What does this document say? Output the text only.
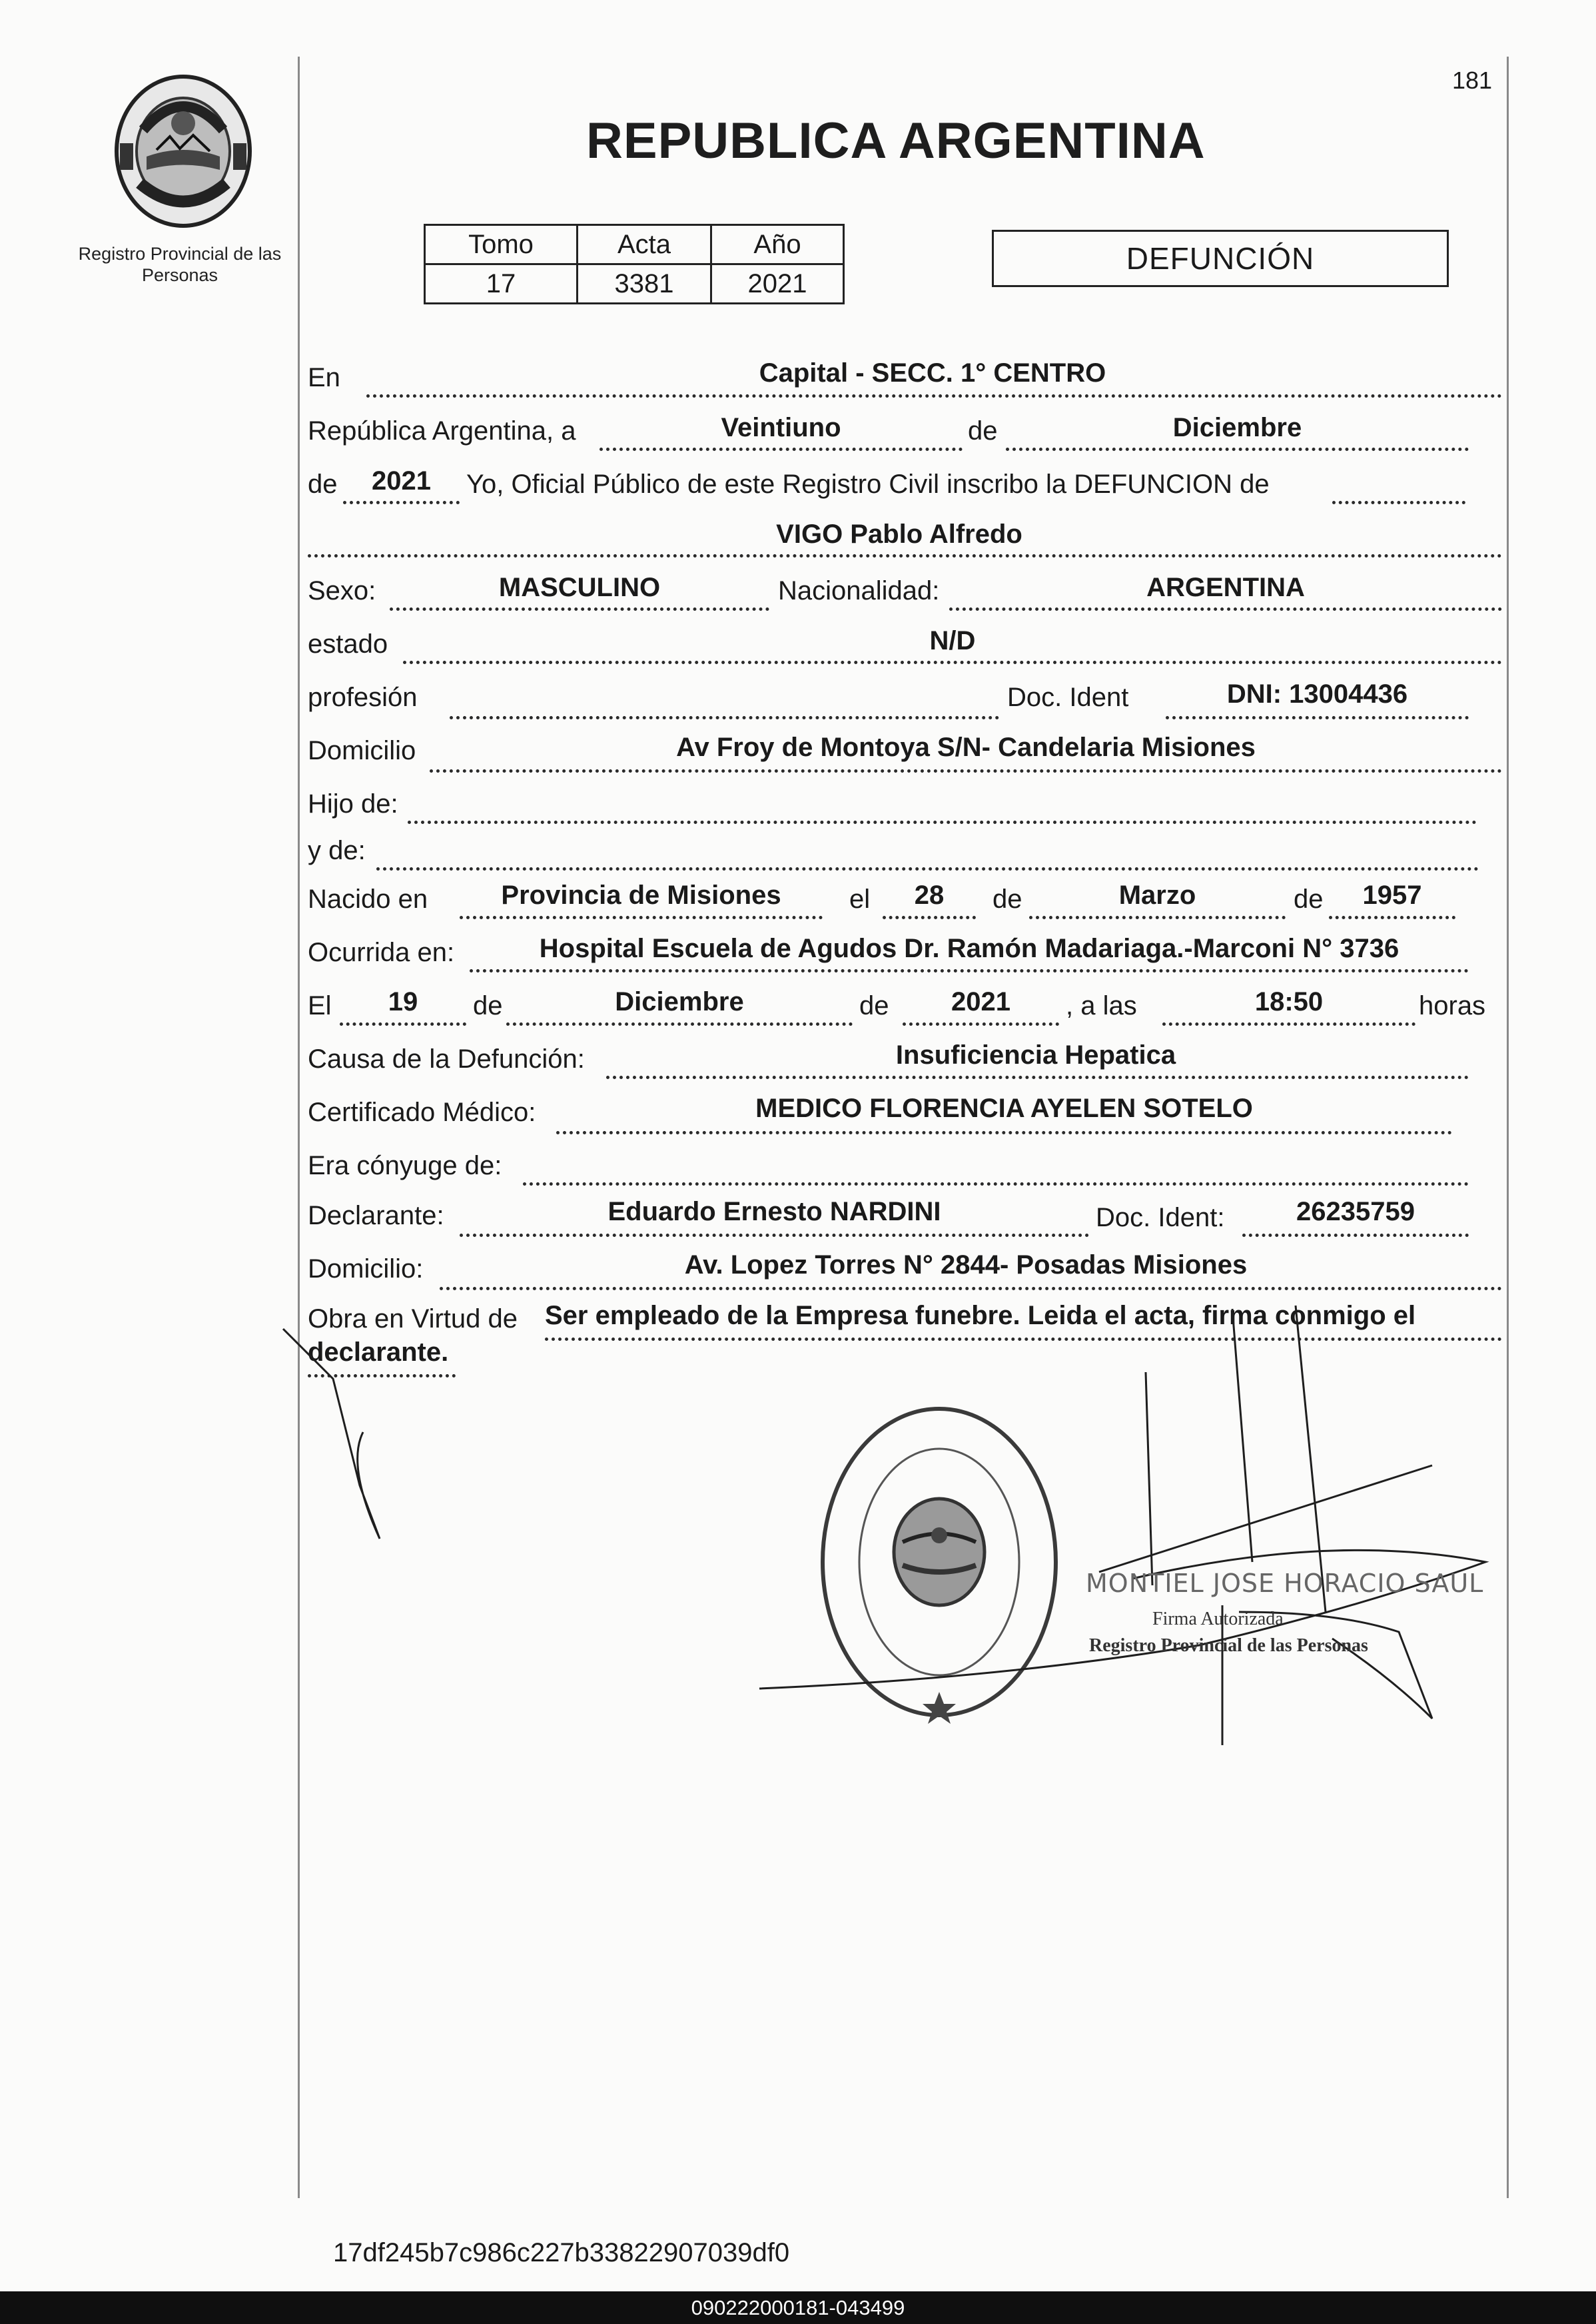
Registro Provincial de las Personas
181
REPUBLICA ARGENTINA
Tomo	Acta	Año
17	3381	2021
DEFUNCIÓN
En	Capital - SECC. 1° CENTRO
República Argentina, a	Veintiuno	de	Diciembre
de	2021	Yo, Oficial Público de este Registro Civil inscribo la DEFUNCION de
VIGO Pablo Alfredo
Sexo:	MASCULINO	Nacionalidad:	ARGENTINA
estado	N/D
profesión	Doc. Ident	DNI: 13004436
Domicilio	Av Froy de Montoya S/N- Candelaria Misiones
Hijo de:
y de:
Nacido en	Provincia de Misiones	el	28	de	Marzo	de	1957
Ocurrida en:	Hospital Escuela de Agudos Dr. Ramón Madariaga.-Marconi N° 3736
El	19	de	Diciembre	de	2021	, a las	18:50	horas
Causa de la Defunción:	Insuficiencia Hepatica
Certificado Médico:	MEDICO FLORENCIA AYELEN SOTELO
Era cónyuge de:
Declarante:	Eduardo Ernesto NARDINI	Doc. Ident:	26235759
Domicilio:	Av. Lopez Torres N° 2844- Posadas Misiones
Obra en Virtud de Ser empleado de la Empresa funebre. Leida el acta, firma conmigo el
declarante.
MONTIEL JOSE HORACIO SAUL
Firma Autorizada
Registro Provincial de las Personas
17df245b7c986c227b33822907039df0
090222000181-043499
